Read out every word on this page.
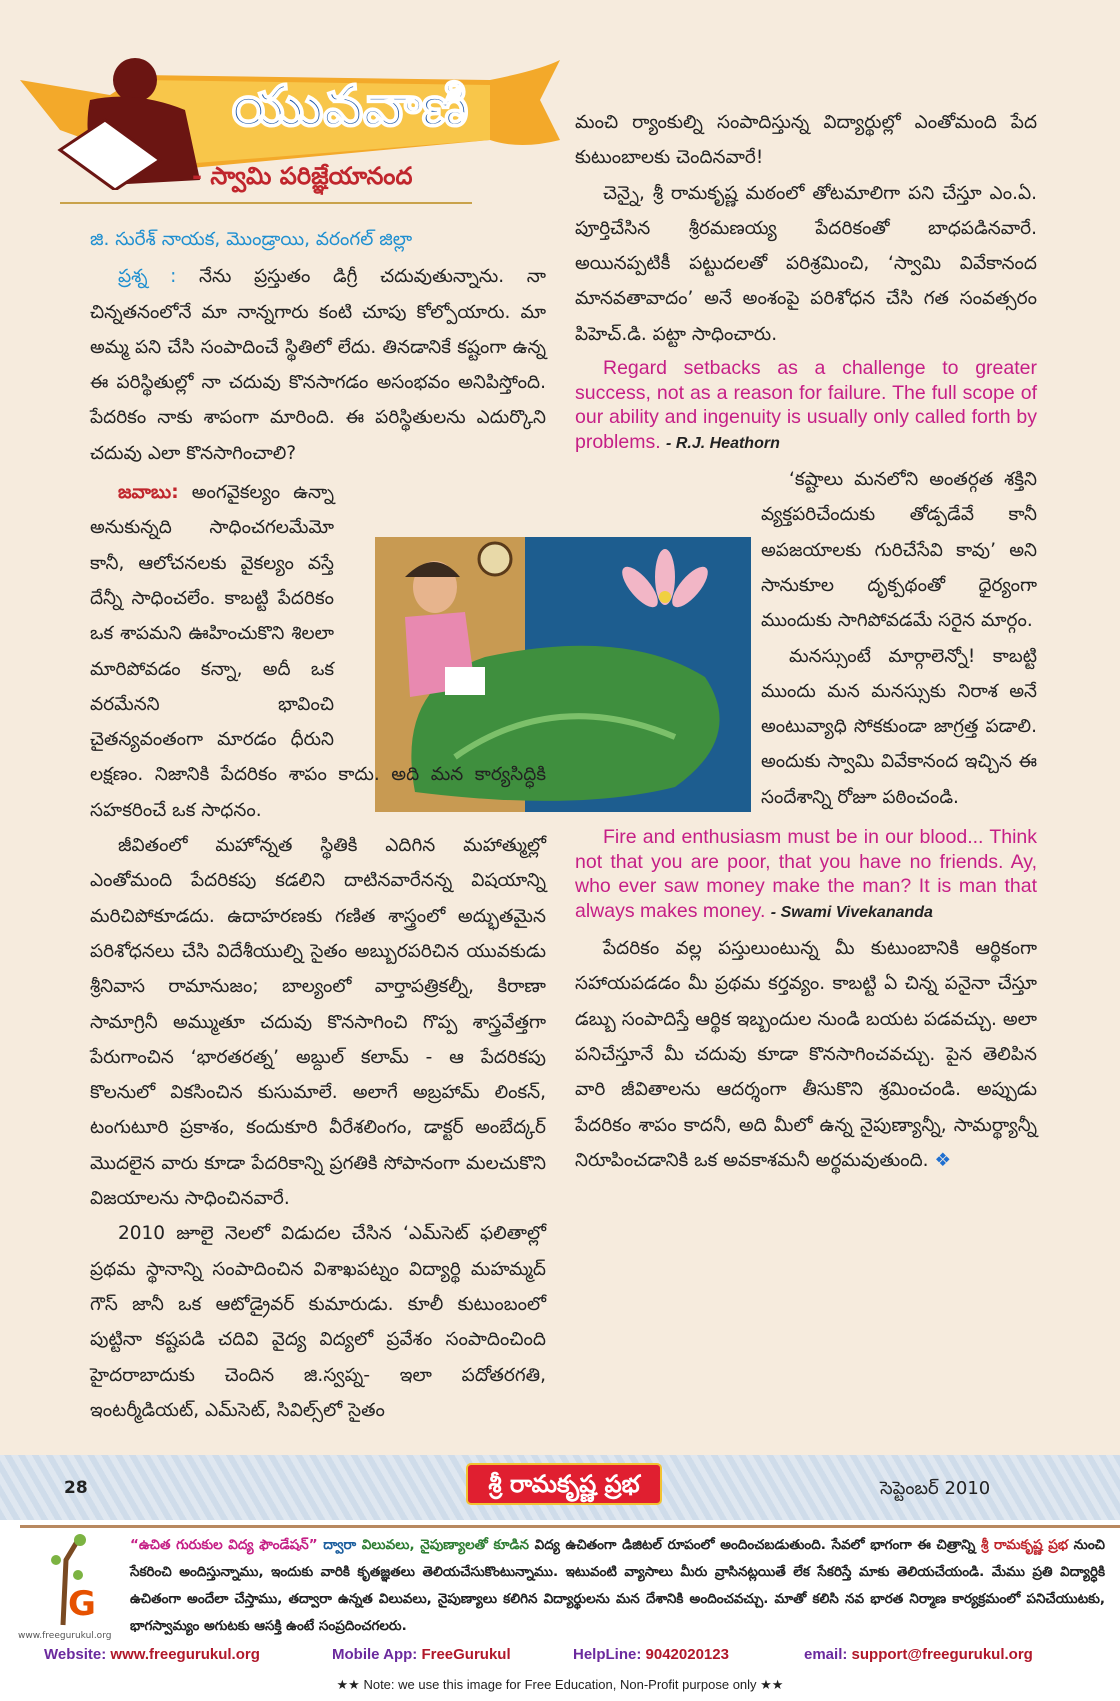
యువవాణి
- స్వామి పరిజ్ఞేయానంద
జి. సురేశ్ నాయక, మొండ్రాయి, వరంగల్ జిల్లా

ప్రశ్న : నేను ప్రస్తుతం డిగ్రీ చదువుతున్నాను. నా చిన్నతనంలోనే మా నాన్నగారు కంటి చూపు కోల్పోయారు. మా అమ్మ పని చేసి సంపాదించే స్థితిలో లేదు. తినడానికే కష్టంగా ఉన్న ఈ పరిస్థితుల్లో నా చదువు కొనసాగడం అసంభవం అనిపిస్తోంది. పేదరికం నాకు శాపంగా మారింది. ఈ పరిస్థితులను ఎదుర్కొని చదువు ఎలా కొనసాగించాలి?

జవాబు: అంగవైకల్యం ఉన్నా అనుకున్నది సాధించగలమేమో కానీ, ఆలోచనలకు వైకల్యం వస్తే దేన్నీ సాధించలేం. కాబట్టి పేదరికం ఒక శాపమని ఊహించుకొని శిలలా మారిపోవడం కన్నా, అదీ ఒక వరమేనని భావించి చైతన్యవంతంగా మారడం ధీరుని లక్షణం. నిజానికి పేదరికం శాపం కాదు. అది మన కార్యసిద్ధికి సహకరించే ఒక సాధనం.

జీవితంలో మహోన్నత స్థితికి ఎదిగిన మహాత్ముల్లో ఎంతోమంది పేదరికపు కడలిని దాటినవారేనన్న విషయాన్ని మరిచిపోకూడదు. ఉదాహరణకు గణిత శాస్త్రంలో అద్భుతమైన పరిశోధనలు చేసి విదేశీయుల్ని సైతం అబ్బురపరిచిన యువకుడు శ్రీనివాస రామానుజం; బాల్యంలో వార్తాపత్రికల్నీ, కిరాణా సామాగ్రినీ అమ్ముతూ చదువు కొనసాగించి గొప్ప శాస్త్రవేత్తగా పేరుగాంచిన ‘భారతరత్న’ అబ్దుల్ కలామ్ - ఆ పేదరికపు కొలనులో వికసించిన కుసుమాలే. అలాగే అబ్రహామ్ లింకన్, టంగుటూరి ప్రకాశం, కందుకూరి వీరేశలింగం, డాక్టర్ అంబేద్కర్ మొదలైన వారు కూడా పేదరికాన్ని ప్రగతికి సోపానంగా మలచుకొని విజయాలను సాధించినవారే.

2010 జూలై నెలలో విడుదల చేసిన ‘ఎమ్‌సెట్ ఫలితాల్లో ప్రథమ స్థానాన్ని సంపాదించిన విశాఖపట్నం విద్యార్థి మహమ్మద్ గౌస్ జానీ ఒక ఆటోడ్రైవర్ కుమారుడు. కూలీ కుటుంబంలో పుట్టినా కష్టపడి చదివి వైద్య విద్యలో ప్రవేశం సంపాదించింది హైదరాబాదుకు చెందిన జి.స్వప్న- ఇలా పదోతరగతి, ఇంటర్మీడియట్, ఎమ్‌సెట్, సివిల్స్‌లో సైతం

మంచి ర్యాంకుల్ని సంపాదిస్తున్న విద్యార్థుల్లో ఎంతోమంది పేద కుటుంబాలకు చెందినవారే!

చెన్నై, శ్రీ రామకృష్ణ మఠంలో తోటమాలిగా పని చేస్తూ ఎం.ఏ. పూర్తిచేసిన శ్రీరమణయ్య పేదరికంతో బాధపడినవారే. అయినప్పటికీ పట్టుదలతో పరిశ్రమించి, ‘స్వామి వివేకానంద మానవతావాదం’ అనే అంశంపై పరిశోధన చేసి గత సంవత్సరం పిహెచ్.డి. పట్టా సాధించారు.

Regard setbacks as a challenge to greater success, not as a reason for failure. The full scope of our ability and ingenuity is usually only called forth by problems. - R.J. Heathorn

‘కష్టాలు మనలోని అంతర్గత శక్తిని వ్యక్తపరిచేందుకు తోడ్పడేవే కానీ అపజయాలకు గురిచేసేవి కావు’ అని సానుకూల దృక్పథంతో ధైర్యంగా ముందుకు సాగిపోవడమే సరైన మార్గం.

మనస్సుంటే మార్గాలెన్నో! కాబట్టి ముందు మన మనస్సుకు నిరాశ అనే అంటువ్యాధి సోకకుండా జాగ్రత్త పడాలి. అందుకు స్వామి వివేకానంద ఇచ్చిన ఈ సందేశాన్ని రోజూ పఠించండి.

Fire and enthusiasm must be in our blood... Think not that you are poor, that you have no friends. Ay, who ever saw money make the man? It is man that always makes money. - Swami Vivekananda

పేదరికం వల్ల పస్తులుంటున్న మీ కుటుంబానికి ఆర్థికంగా సహాయపడడం మీ ప్రథమ కర్తవ్యం. కాబట్టి ఏ చిన్న పనైనా చేస్తూ డబ్బు సంపాదిస్తే ఆర్థిక ఇబ్బందుల నుండి బయట పడవచ్చు. అలా పనిచేస్తూనే మీ చదువు కూడా కొనసాగించవచ్చు. పైన తెలిపిన వారి జీవితాలను ఆదర్శంగా తీసుకొని శ్రమించండి. అప్పుడు పేదరికం శాపం కాదనీ, అది మీలో ఉన్న నైపుణ్యాన్నీ, సామర్థ్యాన్నీ నిరూపించడానికి ఒక అవకాశమనీ అర్థమవుతుంది. ❖

28	శ్రీ రామకృష్ణ ప్రభ	సెప్టెంబర్ 2010
G
www.freegurukul.org
“ఉచిత గురుకుల విద్య ఫౌండేషన్” ద్వారా విలువలు, నైపుణ్యాలతో కూడిన విద్య ఉచితంగా డిజిటల్ రూపంలో అందించబడుతుంది. సేవలో భాగంగా ఈ చిత్రాన్ని శ్రీ రామకృష్ణ ప్రభ నుంచి సేకరించి అందిస్తున్నాము, ఇందుకు వారికి కృతజ్ఞతలు తెలియచేసుకొంటున్నాము. ఇటువంటి వ్యాసాలు మీరు వ్రాసినట్లయితే లేక సేకరిస్తే మాకు తెలియచేయండి. మేము ప్రతి విద్యార్ధికి ఉచితంగా అందేలా చేస్తాము, తద్వారా ఉన్నత విలువలు, నైపుణ్యాలు కలిగిన విద్యార్థులను మన దేశానికి అందించవచ్చు. మాతో కలిసి నవ భారత నిర్మాణ కార్యక్రమంలో పనిచేయుటకు, భాగస్వామ్యం అగుటకు ఆసక్తి ఉంటే సంప్రదించగలరు.
Website: www.freegurukul.org	Mobile App: FreeGurukul	HelpLine: 9042020123	email: support@freegurukul.org
★★ Note: we use this image for Free Education, Non-Profit purpose only ★★
